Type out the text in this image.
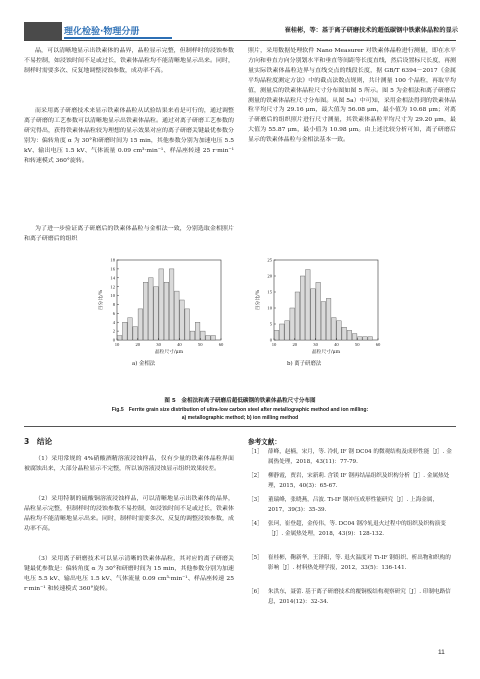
理化检验·物理分册	崔桂彬，等：基于离子研磨技术的超低碳钢中铁素体晶粒的显示
晶，可以清晰地显示出铁素体的晶界，晶粒显示完整，但制样时的浸蚀参数不易控制，如浸蚀时间不足或过长，铁素体晶粒均不能清晰地显示出来。同时，制样时需要多次、反复地调整浸蚀参数，成功率不高。
而采用离子研磨技术来显示铁素体晶粒从试验结果来看是可行的，通过调整离子研磨的工艺参数可以清晰地显示出铁素体晶粒。通过对离子研磨工艺参数的研究得出，获得铁素体晶粒较为理想的显示效果对应的离子研磨关键最优参数分别为：偏转角度 α 为 30°和研磨时间为 15 min，其他参数分别为加速电压 5.5 kV、输出电压 1.5 kV、气体流量 0.09 cm³·min⁻¹、样品座转速 25 r·min⁻¹ 和转速模式 360°旋转。
为了进一步验证离子研磨后的铁素体晶粒与金相法一致，分别选取金相照片和离子研磨后的组织
照片，采用数据处理软件 Nano Measurer 对铁素体晶粒进行测量，即在水平方向和垂直方向分别划水平和垂直等间距等长度直线，然后设置标尺长度，再测量实际铁素体晶粒边界与直线交点的线段长度，据 GB/T 6394－2017《金属平均晶粒度测定方法》中的截点法数点规则，共计测量 100 个晶粒，再取平均值，测量后的铁素体晶粒尺寸分布图如图 5 所示。图 5 为金相法和离子研磨后测量的铁素体晶粒尺寸分布图。从图 5a）中可知，采用金相法得到的铁素体晶粒平均尺寸为 29.16 μm，最大值为 56.08 μm，最小值为 10.68 μm；对离子研磨后的组织照片进行尺寸测量，其铁素体晶粒平均尺寸为 29.20 μm，最大值为 55.87 μm，最小值为 10.98 μm。由上述比较分析可知，离子研磨后显示的铁素体晶粒与金相法基本一致。
0
2
4
6
8
10
12
14
16
18
10	20	30	40	50	60
晶粒尺寸/μm
百分比/%
a) 金相法
0
5
10
15
20
25
10	20	30	40	50	60
晶粒尺寸/μm
百分比/%
b) 离子研磨法
图 5　金相法和离子研磨后超低碳钢的铁素体晶粒尺寸分布图
Fig.5　Ferrite grain size distribution of ultra-low carbon steel after metallographic method and ion milling:
a) metallographic method; b) ion milling method
3　结论
（1）采用常规的 4%硝酸酒精溶液浸蚀样品，仅有少量的铁素体晶粒界面被腐蚀出来，大部分晶粒显示不完整，所以该溶液浸蚀显示组织效果较差。
（2）采用特制的硫酸铜溶液浸蚀样品，可以清晰地显示出铁素体的晶界，晶粒显示完整，但制样时的浸蚀参数不易控制，如浸蚀时间不足或过长，铁素体晶粒均不能清晰地显示出来。同时，制样时需要多次、反复的调整浸蚀参数，成功率不高。
（3）采用离子研磨技术可以显示清晰的铁素体晶粒，其对应的离子研磨关键最优参数是：偏转角度 α 为 30°和研磨时间为 15 min，其他参数分别为加速电压 5.5 kV、输出电压 1.5 kV、气体流量 0.09 cm³·min⁻¹、样品座转速 25 r·min⁻¹ 和转速模式 360°旋转。
参考文献：
［1］ 薛峰，赵楠，宋月，等. 冷轧 IF 钢 DC04 的微观结构及成形性能［J］. 金属热处理，2018，43(11)：77-79.
［2］ 柳静霞，贾岩，宋新莉. 含镁 IF 钢再结晶组织及织构分析［J］. 金属热处理，2015，40(3)：65-67.
［3］ 董瑞峰，张晓燕，吕波. Ti-IF 钢冲压成形性能研究［J］. 上海金属，2017，39(3)：35-39.
［4］ 张珂，崔登超，金传伟，等. DC04 钢冷轧退火过程中的组织及织构演变［J］. 金属热处理，2018，43(9)：128-132.
［5］ 崔桂彬，鞠新华，王泽阳，等. 退火温度对 Ti-IF 钢组织、析出物和织构的影响［J］. 材料热处理学报，2012，33(5)：136-141.
［6］ 朱洪东，聂蕾. 基于离子研磨技术的覆铜板结构观察研究［J］. 印制电路信息，2014(12)：32-34.
11
